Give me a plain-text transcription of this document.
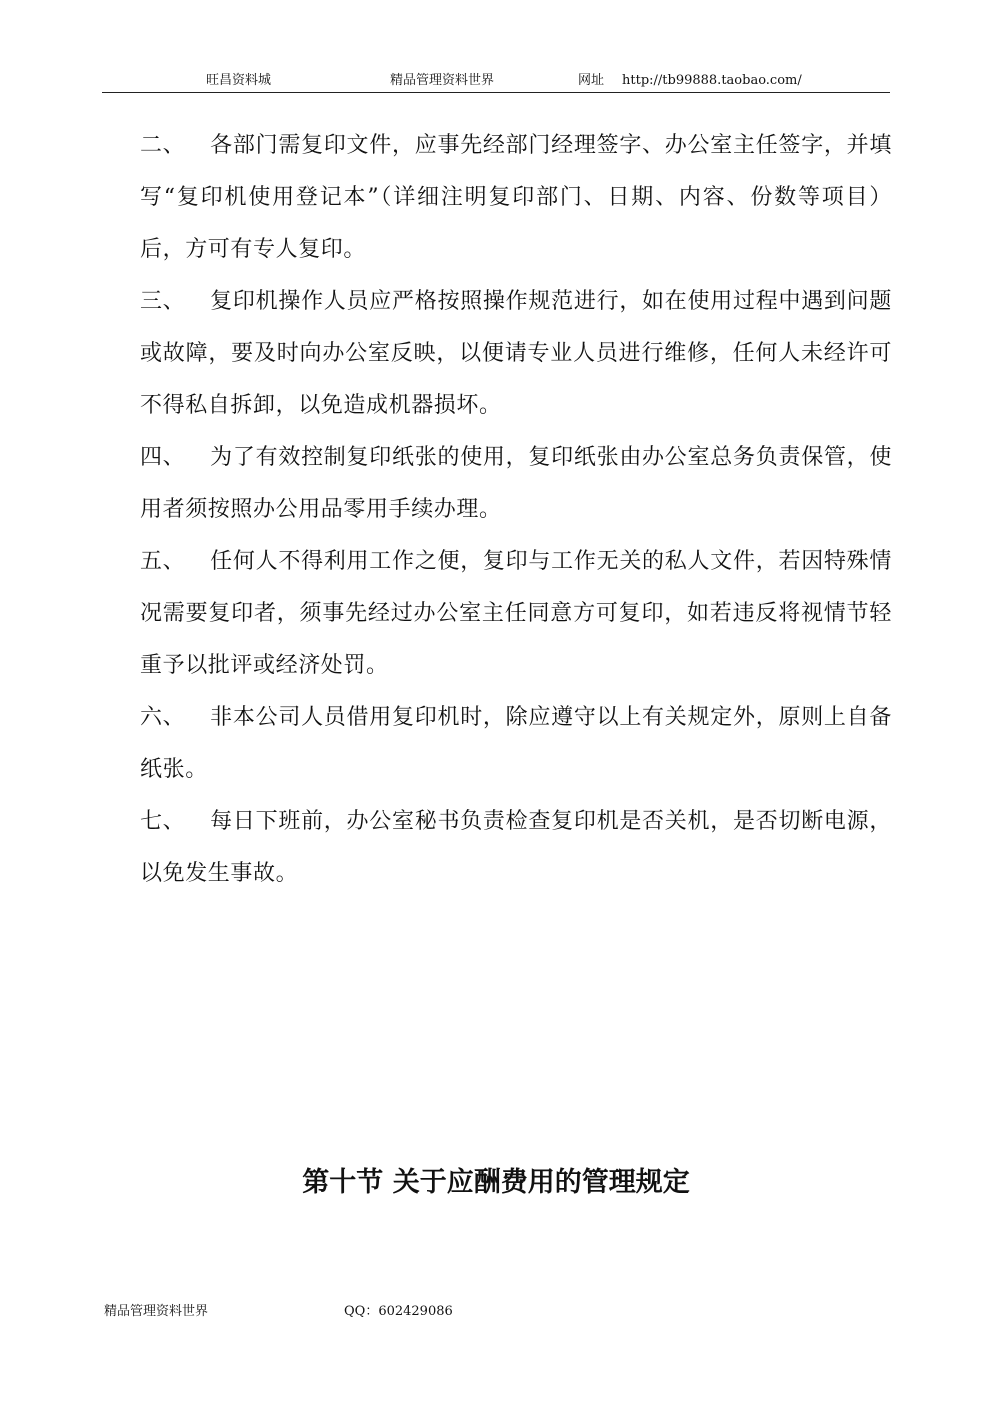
旺昌资料城	精品管理资料世界	网址 http://tb99888.taobao.com/

二、 各部门需复印文件，应事先经部门经理签字、办公室主任签字，并填写“复印机使用登记本”（详细注明复印部门、日期、内容、份数等项目）后，方可有专人复印。

三、 复印机操作人员应严格按照操作规范进行，如在使用过程中遇到问题或故障，要及时向办公室反映，以便请专业人员进行维修，任何人未经许可不得私自拆卸，以免造成机器损坏。

四、 为了有效控制复印纸张的使用，复印纸张由办公室总务负责保管，使用者须按照办公用品零用手续办理。

五、 任何人不得利用工作之便，复印与工作无关的私人文件，若因特殊情况需要复印者，须事先经过办公室主任同意方可复印，如若违反将视情节轻重予以批评或经济处罚。

六、 非本公司人员借用复印机时，除应遵守以上有关规定外，原则上自备纸张。

七、 每日下班前，办公室秘书负责检查复印机是否关机，是否切断电源，以免发生事故。

第十节 关于应酬费用的管理规定
精品管理资料世界	QQ：602429086
